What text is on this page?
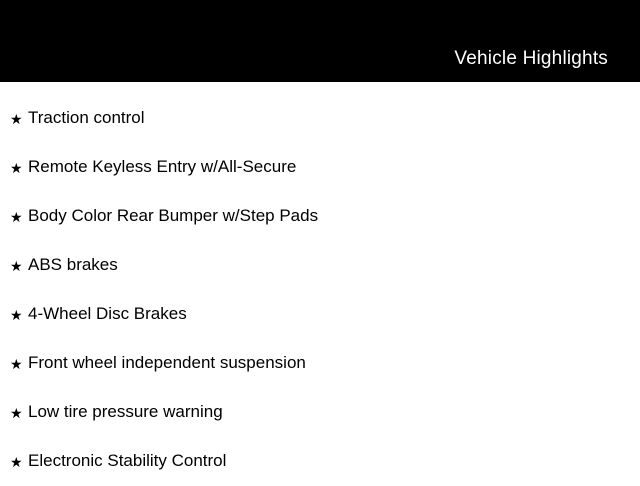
Vehicle Highlights
★ Traction control
★ Remote Keyless Entry w/All-Secure
★ Body Color Rear Bumper w/Step Pads
★ ABS brakes
★ 4-Wheel Disc Brakes
★ Front wheel independent suspension
★ Low tire pressure warning
★ Electronic Stability Control
